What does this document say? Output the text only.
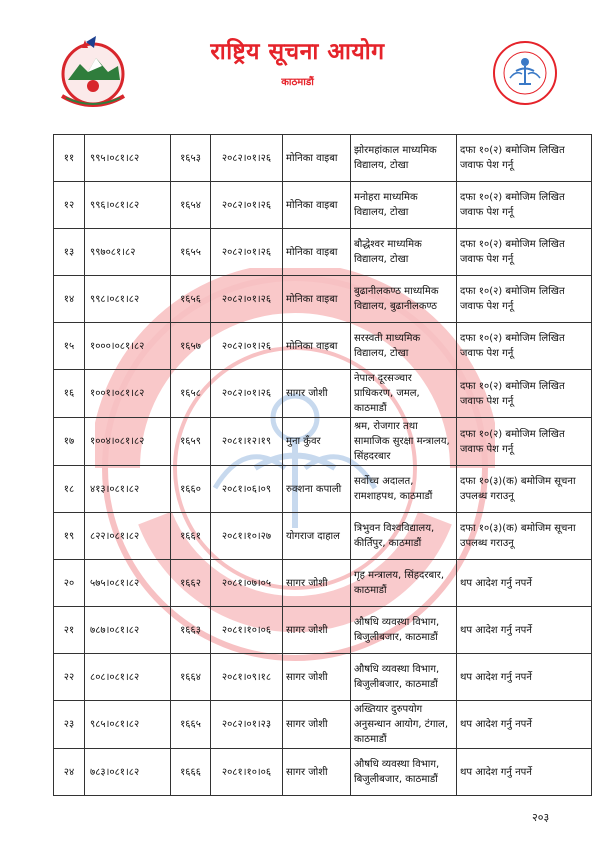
राष्ट्रिय सूचना आयोग
काठमाडौं
११	९९५।०८१।८२	१६५३	२०८२।०१।२६	मोनिका वाइबा	झोरमहांकाल माध्यमिक विद्यालय, टोखा	दफा १०(२) बमोजिम लिखित जवाफ पेश गर्नू
१२	९९६।०८१।८२	१६५४	२०८२।०१।२६	मोनिका वाइबा	मनोहरा माध्यमिक विद्यालय, टोखा	दफा १०(२) बमोजिम लिखित जवाफ पेश गर्नू
१३	९९७०८१।८२	१६५५	२०८२।०१।२६	मोनिका वाइबा	बौद्धेश्वर माध्यमिक विद्यालय, टोखा	दफा १०(२) बमोजिम लिखित जवाफ पेश गर्नू
१४	९९८।०८१।८२	१६५६	२०८२।०१।२६	मोनिका वाइबा	बुढानीलकण्ठ माध्यमिक विद्यालय, बुढानीलकण्ठ	दफा १०(२) बमोजिम लिखित जवाफ पेश गर्नू
१५	१०००।०८१।८२	१६५७	२०८२।०१।२६	मोनिका वाइबा	सरस्वती माध्यमिक विद्यालय, टोखा	दफा १०(२) बमोजिम लिखित जवाफ पेश गर्नू
१६	१००१।०८१।८२	१६५८	२०८२।०१।२६	सागर जोशी	नेपाल दूरसञ्चार प्राधिकरण, जमल, काठमाडौं	दफा १०(२) बमोजिम लिखित जवाफ पेश गर्नू
१७	१००४।०८१।८२	१६५९	२०८१।१२।१९	मुना कुँवर	श्रम, रोजगार तथा सामाजिक सुरक्षा मन्त्रालय, सिंहदरबार	दफा १०(२) बमोजिम लिखित जवाफ पेश गर्नू
१८	४१३।०८१।८२	१६६०	२०८१।०६।०९	रुक्शना कपाली	सर्वोच्च अदालत, रामशाहपथ, काठमाडौं	दफा १०(३)(क) बमोजिम सूचना उपलब्ध गराउनू
१९	८२२।०८१।८२	१६६१	२०८१।१०।२७	योगराज दाहाल	त्रिभुवन विश्वविद्यालय, कीर्तिपुर, काठमाडौं	दफा १०(३)(क) बमोजिम सूचना उपलब्ध गराउनू
२०	५७५।०८१।८२	१६६२	२०८१।०७।०५	सागर जोशी	गृह मन्त्रालय, सिंहदरबार, काठमाडौं	थप आदेश गर्नु नपर्ने
२१	७८७।०८१।८२	१६६३	२०८१।१०।०६	सागर जोशी	औषधि व्यवस्था विभाग, बिजुलीबजार, काठमाडौं	थप आदेश गर्नु नपर्ने
२२	८०८।०८१।८२	१६६४	२०८१।०९।१८	सागर जोशी	औषधि व्यवस्था विभाग, बिजुलीबजार, काठमाडौं	थप आदेश गर्नु नपर्ने
२३	९८५।०८१।८२	१६६५	२०८२।०१।२३	सागर जोशी	अख्तियार दुरुपयोग अनुसन्धान आयोग, टंगाल, काठमाडौं	थप आदेश गर्नु नपर्ने
२४	७८३।०८१।८२	१६६६	२०८१।१०।०६	सागर जोशी	औषधि व्यवस्था विभाग, बिजुलीबजार, काठमाडौं	थप आदेश गर्नु नपर्ने
२०३
